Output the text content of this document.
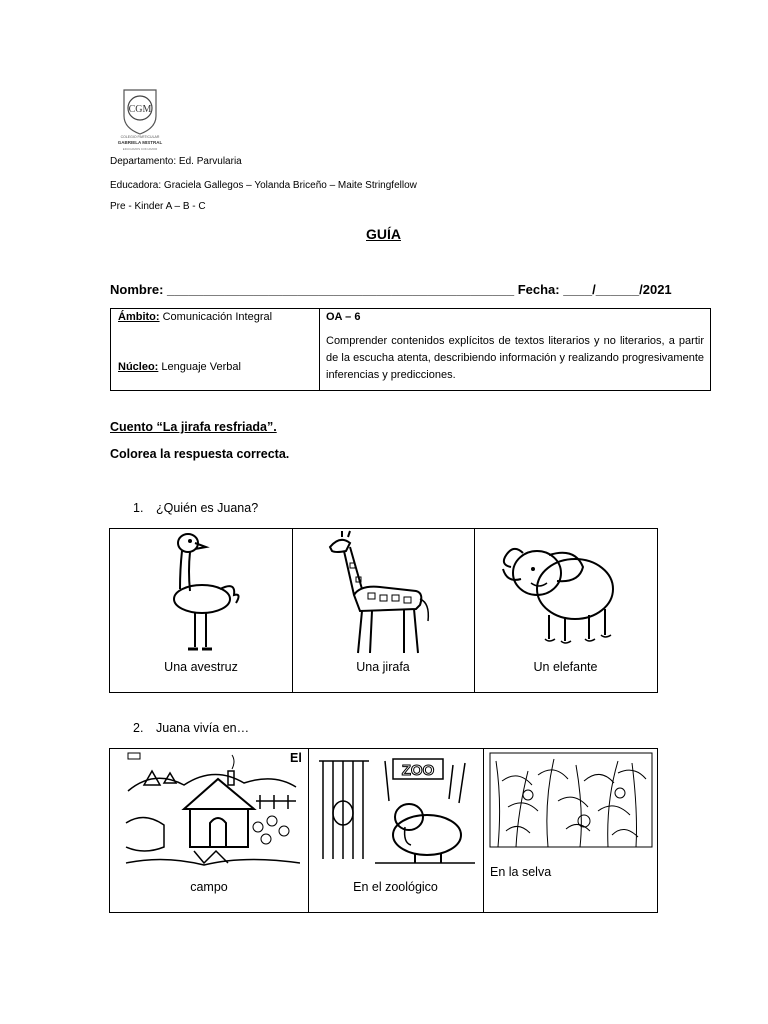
CGM
COLEGIO PARTICULAR
GABRIELA MISTRAL
EDUCAMOS CON AMOR
Departamento: Ed. Parvularia
Educadora: Graciela Gallegos – Yolanda Briceño – Maite Stringfellow
Pre - Kinder A – B - C
GUÍA
Nombre: ________________________________________________ Fecha: ____/______/2021
Ámbito: Comunicación Integral
Núcleo: Lenguaje Verbal
OA – 6
Comprender contenidos explícitos de textos literarios y no literarios, a partir de la escucha atenta, describiendo información y realizando progresivamente inferencias y predicciones.
Cuento “La jirafa resfriada”.
Colorea la respuesta correcta.
1. ¿Quién es Juana?
Una avestruz	Una jirafa	Un elefante
2. Juana vivía en…
El
campo
ZOO
En el zoológico
En la selva
